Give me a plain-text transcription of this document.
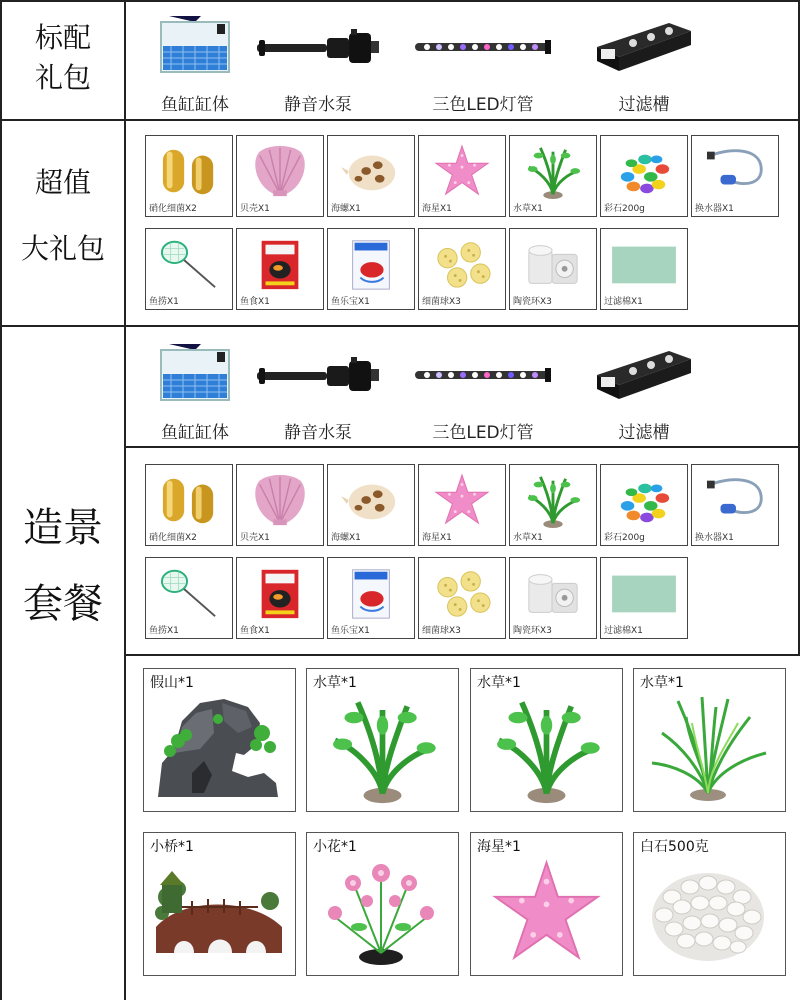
标配
礼包
超值
大礼包
造景
套餐
鱼缸缸体	静音水泵	三色LED灯管	过滤槽
鱼缸缸体	静音水泵	三色LED灯管	过滤槽
硝化细菌X2	贝壳X1	海螺X1	海星X1	水草X1	彩石200g	换水器X1
鱼捞X1	鱼食X1	鱼乐宝X1	细菌球X3	陶瓷环X3	过滤棉X1
硝化细菌X2	贝壳X1	海螺X1	海星X1	水草X1	彩石200g	换水器X1
鱼捞X1	鱼食X1	鱼乐宝X1	细菌球X3	陶瓷环X3	过滤棉X1
假山*1	水草*1	水草*1	水草*1
小桥*1	小花*1	海星*1	白石500克
